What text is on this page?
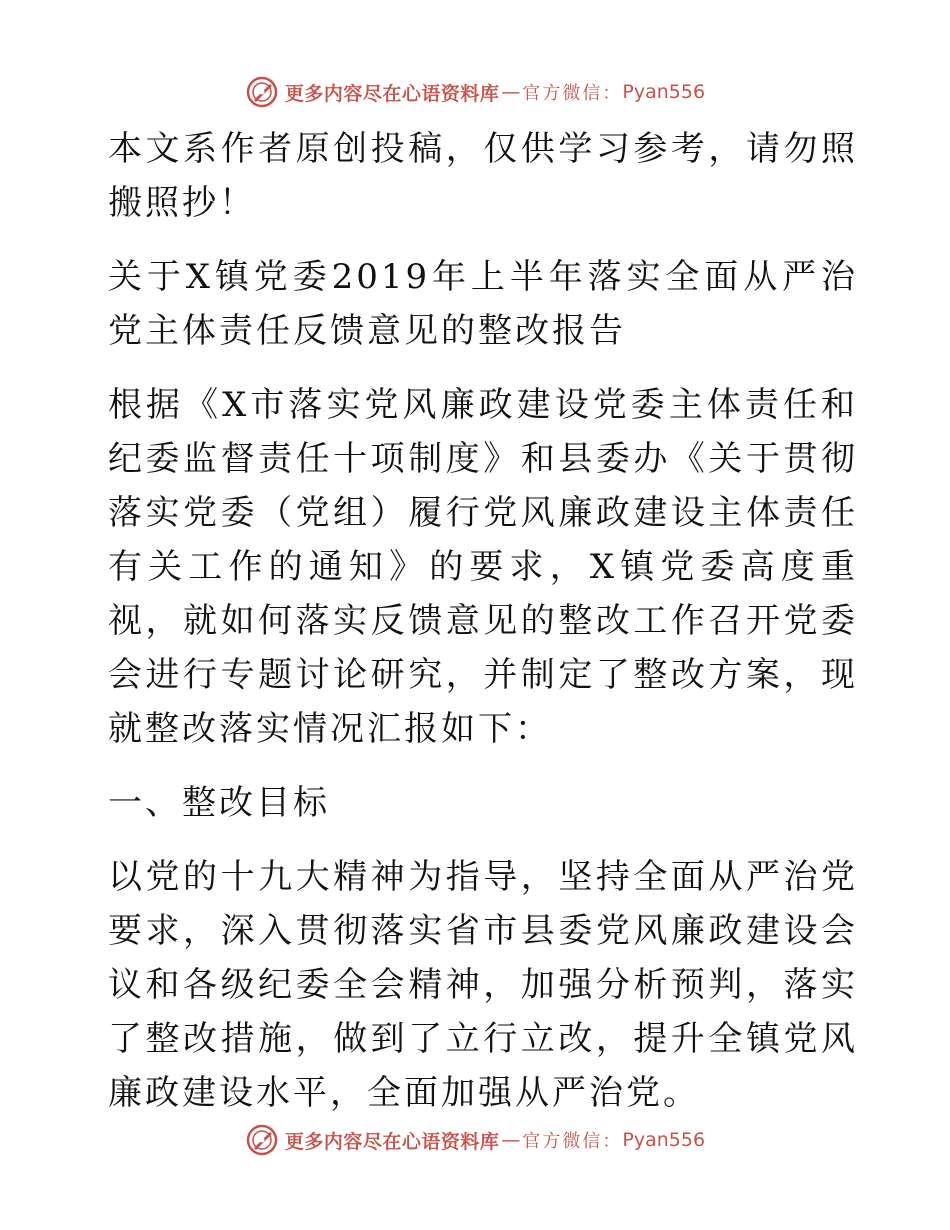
更多内容尽在心语资料库 — 官方微信： Pyan556

本文系作者原创投稿，仅供学习参考，请勿照搬照抄！

关于X镇党委2019年上半年落实全面从严治党主体责任反馈意见的整改报告

根据《X市落实党风廉政建设党委主体责任和纪委监督责任十项制度》和县委办《关于贯彻落实党委（党组）履行党风廉政建设主体责任有关工作的通知》的要求，X镇党委高度重视，就如何落实反馈意见的整改工作召开党委会进行专题讨论研究，并制定了整改方案，现就整改落实情况汇报如下：

一、整改目标

以党的十九大精神为指导，坚持全面从严治党要求，深入贯彻落实省市县委党风廉政建设会议和各级纪委全会精神，加强分析预判，落实了整改措施，做到了立行立改，提升全镇党风廉政建设水平，全面加强从严治党。

更多内容尽在心语资料库 — 官方微信： Pyan556
